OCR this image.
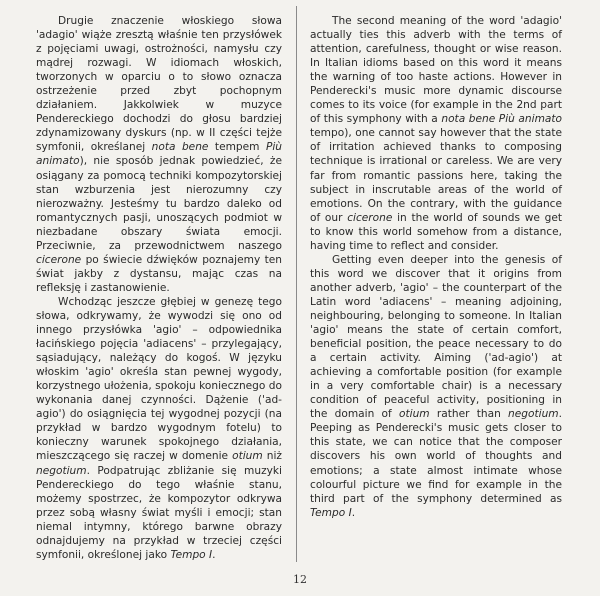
Drugie znaczenie włoskiego słowa 'adagio' wiąże zresztą właśnie ten przysłówek z pojęciami uwagi, ostrożności, namysłu czy mądrej rozwagi. W idiomach włoskich, tworzonych w oparciu o to słowo oznacza ostrzeżenie przed zbyt pochopnym działaniem. Jakkolwiek w muzyce Pendereckiego dochodzi do głosu bardziej zdynamizowany dyskurs (np. w II części tejże symfonii, określanej nota bene tempem Più animato), nie sposób jednak powiedzieć, że osiągany za pomocą techniki kompozytorskiej stan wzburzenia jest nierozumny czy nierozważny. Jesteśmy tu bardzo daleko od romantycznych pasji, unoszących podmiot w niezbadane obszary świata emocji. Przeciwnie, za przewodnictwem naszego cicerone po świecie dźwięków poznajemy ten świat jakby z dystansu, mając czas na refleksję i zastanowienie.

Wchodząc jeszcze głębiej w genezę tego słowa, odkrywamy, że wywodzi się ono od innego przysłówka 'agio' – odpowiednika łacińskiego pojęcia 'adiacens' – przylegający, sąsiadujący, należący do kogoś. W języku włoskim 'agio' określa stan pewnej wygody, korzystnego ułożenia, spokoju koniecznego do wykonania danej czynności. Dążenie ('ad-agio') do osiągnięcia tej wygodnej pozycji (na przykład w bardzo wygodnym fotelu) to konieczny warunek spokojnego działania, mieszczącego się raczej w domenie otium niż negotium. Podpatrując zbliżanie się muzyki Pendereckiego do tego właśnie stanu, możemy spostrzec, że kompozytor odkrywa przez sobą własny świat myśli i emocji; stan niemal intymny, którego barwne obrazy odnajdujemy na przykład w trzeciej części symfonii, określonej jako Tempo I.

The second meaning of the word 'adagio' actually ties this adverb with the terms of attention, carefulness, thought or wise reason. In Italian idioms based on this word it means the warning of too haste actions. However in Penderecki's music more dynamic discourse comes to its voice (for example in the 2nd part of this symphony with a nota bene Più animato tempo), one cannot say however that the state of irritation achieved thanks to composing technique is irrational or careless. We are very far from romantic passions here, taking the subject in inscrutable areas of the world of emotions. On the contrary, with the guidance of our cicerone in the world of sounds we get to know this world somehow from a distance, having time to reflect and consider.

Getting even deeper into the genesis of this word we discover that it origins from another adverb, 'agio' – the counterpart of the Latin word 'adiacens' – meaning adjoining, neighbouring, belonging to someone. In Italian 'agio' means the state of certain comfort, beneficial position, the peace necessary to do a certain activity. Aiming ('ad-agio') at achieving a comfortable position (for example in a very comfortable chair) is a necessary condition of peaceful activity, positioning in the domain of otium rather than negotium. Peeping as Penderecki's music gets closer to this state, we can notice that the composer discovers his own world of thoughts and emotions; a state almost intimate whose colourful picture we find for example in the third part of the symphony determined as Tempo I.

12
